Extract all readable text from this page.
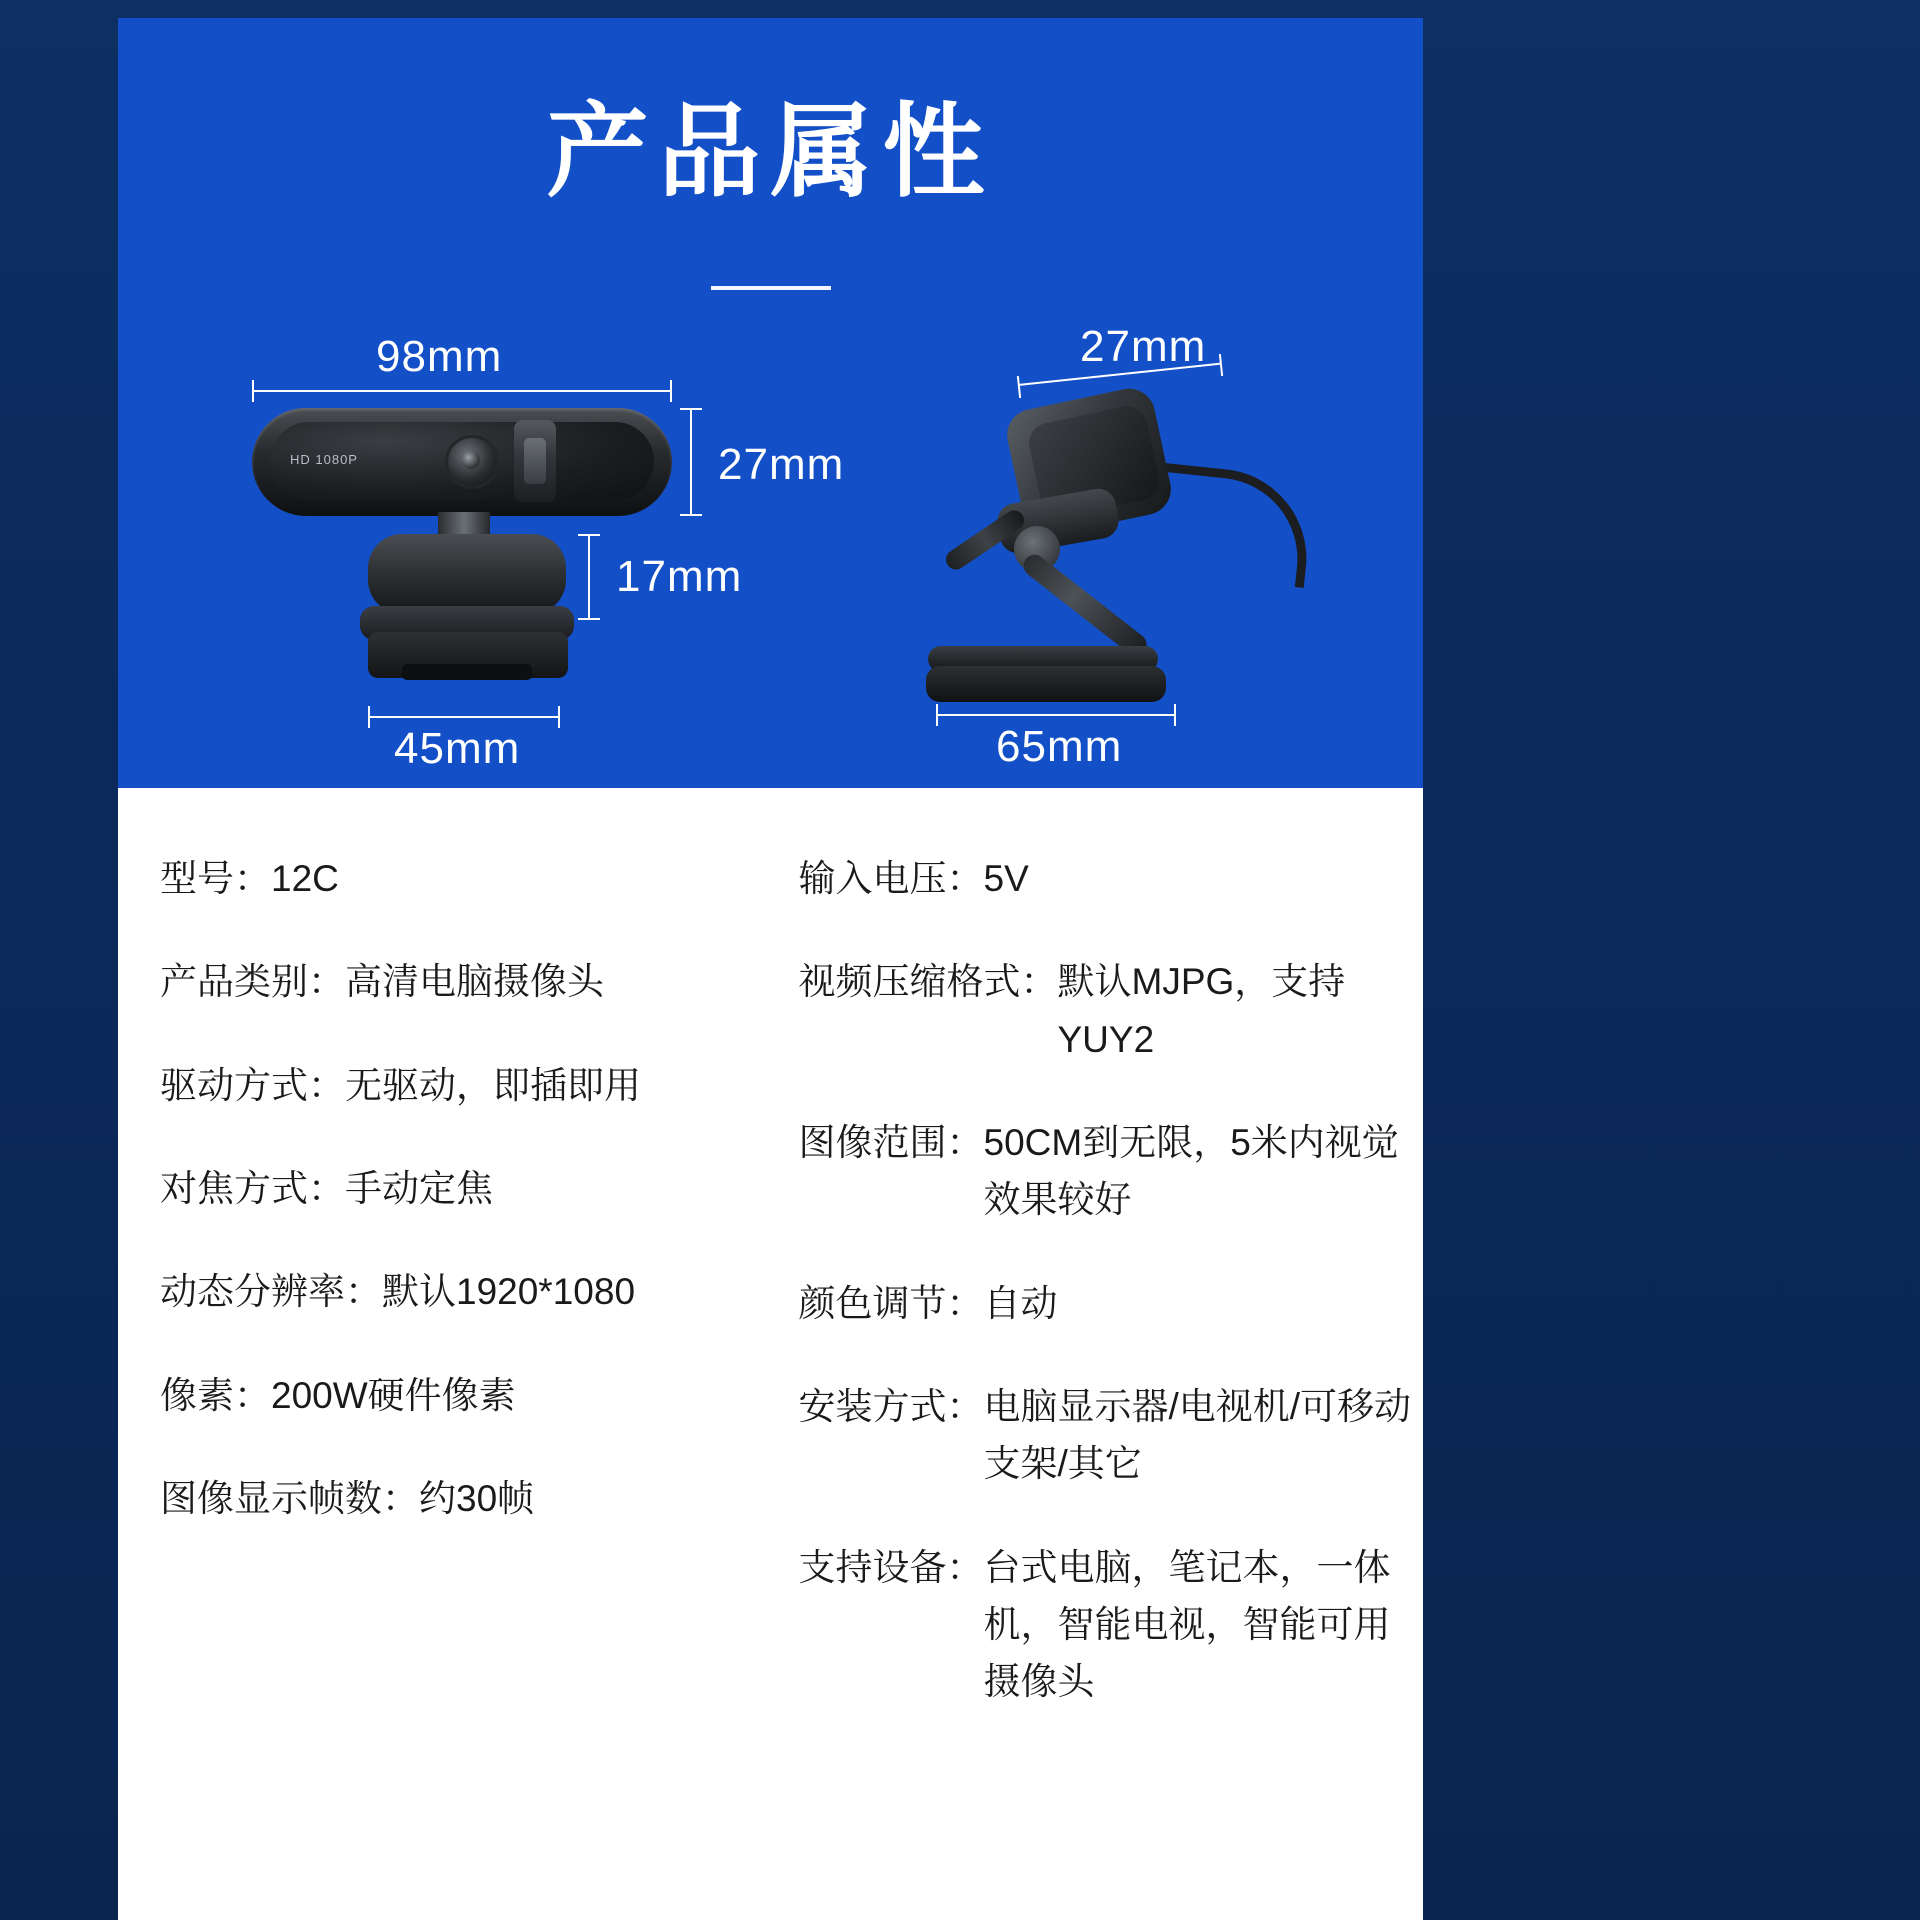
产品属性
98mm
27mm
17mm
45mm
HD 1080P
27mm
65mm
型号： 12C
产品类别： 高清电脑摄像头
驱动方式： 无驱动，即插即用
对焦方式： 手动定焦
动态分辨率： 默认1920*1080
像素： 200W硬件像素
图像显示帧数： 约30帧
输入电压： 5V
视频压缩格式： 默认MJPG，支持YUY2
图像范围： 50CM到无限，5米内视觉效果较好
颜色调节： 自动
安装方式： 电脑显示器/电视机/可移动支架/其它
支持设备： 台式电脑，笔记本，一体机，智能电视，智能可用摄像头
